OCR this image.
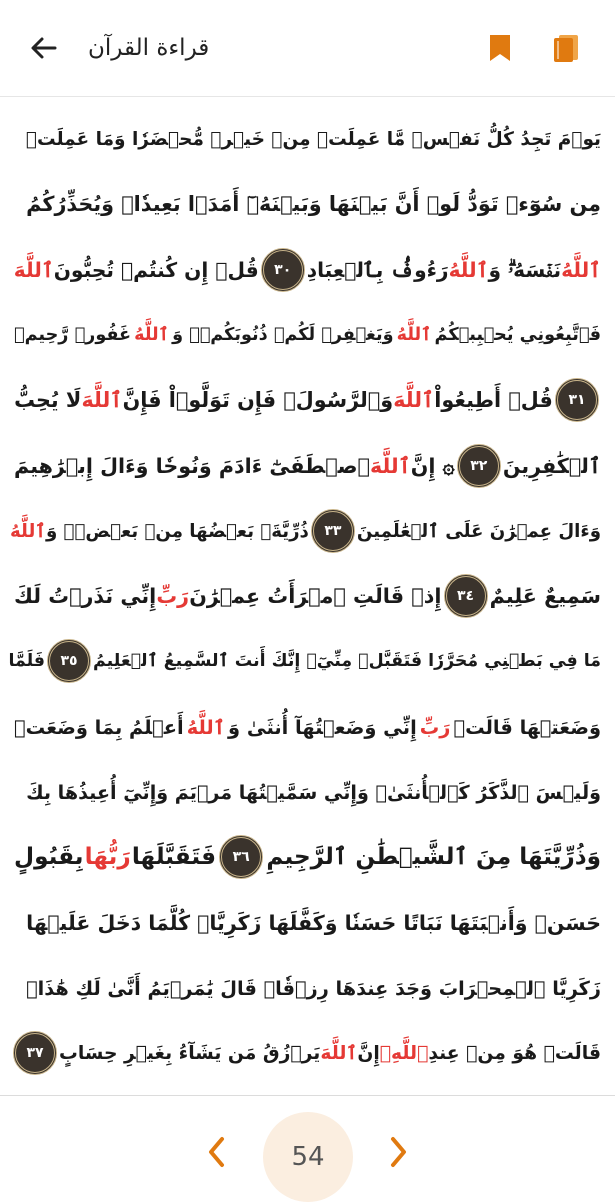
قراءة القرآن
يَوۡمَ تَجِدُ كُلُّ نَفۡسٖ مَّا عَمِلَتۡ مِنۡ خَيۡرٖ مُّحۡضَرٗا وَمَا عَمِلَتۡ
مِن سُوٓءٖ تَوَدُّ لَوۡ أَنَّ بَيۡنَهَا وَبَيۡنَهُۥٓ أَمَدَۢا بَعِيدٗاۗ وَيُحَذِّرُكُمُ
ٱللَّهُ
نَفۡسَهُۥۗ وَ
ٱللَّهُ
رَءُوفُۢ بِٱلۡعِبَادِ
٣٠
قُلۡ إِن كُنتُمۡ تُحِبُّونَ
ٱللَّهَ
فَٱتَّبِعُونِي يُحۡبِبۡكُمُ
ٱللَّهُ
وَيَغۡفِرۡ لَكُمۡ ذُنُوبَكُمۡۚ وَ
ٱللَّهُ
غَفُورٞ رَّحِيمٞ
٣١
قُلۡ أَطِيعُواْ
ٱللَّهَ
وَٱلرَّسُولَۖ فَإِن تَوَلَّوۡاْ فَإِنَّ
ٱللَّهَ
لَا يُحِبُّ
ٱلۡكَٰفِرِينَ
٣٢
۞ إِنَّ
ٱللَّهَ
ٱصۡطَفَىٰٓ ءَادَمَ وَنُوحٗا وَءَالَ إِبۡرَٰهِيمَ
وَءَالَ عِمۡرَٰنَ عَلَى ٱلۡعَٰلَمِينَ
٣٣
ذُرِّيَّةَۢ بَعۡضُهَا مِنۢ بَعۡضٖۗ وَ
ٱللَّهُ
سَمِيعٌ عَلِيمٌ
٣٤
إِذۡ قَالَتِ ٱمۡرَأَتُ عِمۡرَٰنَ
رَبِّ
إِنِّي نَذَرۡتُ لَكَ
مَا فِي بَطۡنِي مُحَرَّرٗا فَتَقَبَّلۡ مِنِّيٓۖ إِنَّكَ أَنتَ ٱلسَّمِيعُ ٱلۡعَلِيمُ
٣٥
فَلَمَّا
وَضَعَتۡهَا قَالَتۡ
رَبِّ
إِنِّي وَضَعۡتُهَآ أُنثَىٰ وَ
ٱللَّهُ
أَعۡلَمُ بِمَا وَضَعَتۡ
وَلَيۡسَ ٱلذَّكَرُ كَٱلۡأُنثَىٰۖ وَإِنِّي سَمَّيۡتُهَا مَرۡيَمَ وَإِنِّيٓ أُعِيذُهَا بِكَ
وَذُرِّيَّتَهَا مِنَ ٱلشَّيۡطَٰنِ ٱلرَّجِيمِ
٣٦
فَتَقَبَّلَهَا
رَبُّهَا
بِقَبُولٍ
حَسَنٖ وَأَنۢبَتَهَا نَبَاتًا حَسَنٗا وَكَفَّلَهَا زَكَرِيَّاۖ كُلَّمَا دَخَلَ عَلَيۡهَا
زَكَرِيَّا ٱلۡمِحۡرَابَ وَجَدَ عِندَهَا رِزۡقٗاۖ قَالَ يَٰمَرۡيَمُ أَنَّىٰ لَكِ هَٰذَاۖ
قَالَتۡ هُوَ مِنۡ عِندِ
ٱللَّهِۖ
إِنَّ
ٱللَّهَ
يَرۡزُقُ مَن يَشَآءُ بِغَيۡرِ حِسَابٍ
٣٧
54
